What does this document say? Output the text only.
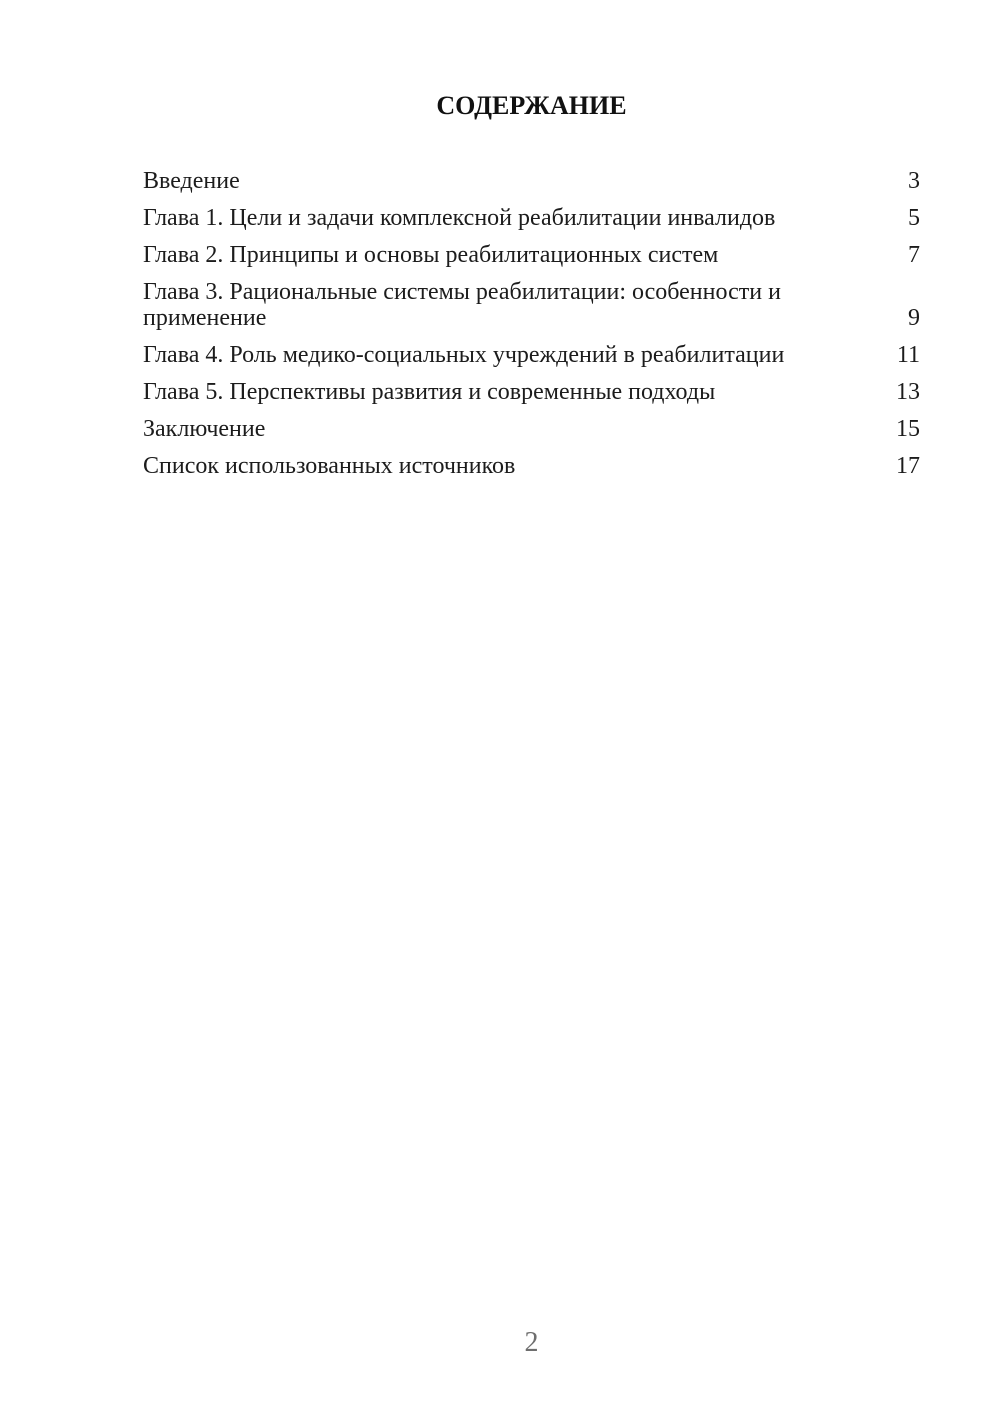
СОДЕРЖАНИЕ
Введение	3
Глава 1. Цели и задачи комплексной реабилитации инвалидов	5
Глава 2. Принципы и основы реабилитационных систем	7
Глава 3. Рациональные системы реабилитации: особенности и применение	9
Глава 4. Роль медико-социальных учреждений в реабилитации	11
Глава 5. Перспективы развития и современные подходы	13
Заключение	15
Список использованных источников	17
2
